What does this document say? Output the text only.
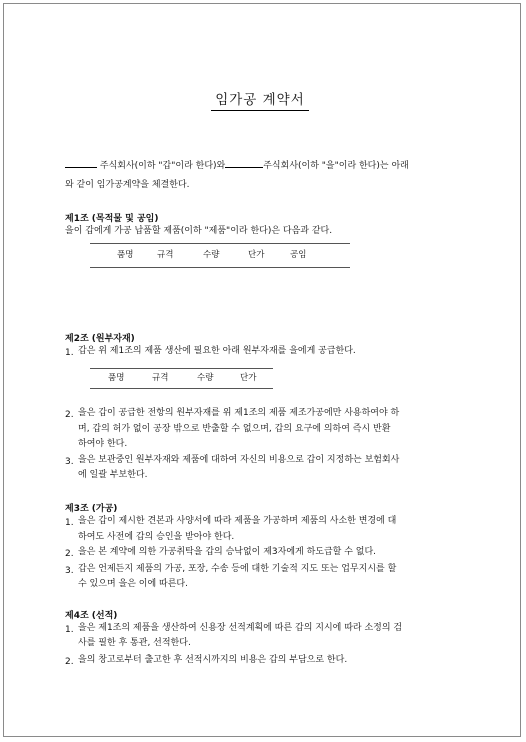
임가공 계약서
주식회사(이하 "갑"이라 한다)와	주식회사(이하 "을"이라 한다)는 아래
와 같이 임가공계약을 체결한다.
제1조 (목적물 및 공임)
을이 갑에게 가공 납품할 제품(이하 "제품"이라 한다)은 다음과 같다.
품명	규격	수량	단가	공임
제2조 (원부자재)
1. 갑은 위 제1조의 제품 생산에 필요한 아래 원부자재를 을에게 공급한다.
품명	규격	수량	단가
2. 을은 갑이 공급한 전항의 원부자재를 위 제1조의 제품 제조가공에만 사용하여야 하
며, 갑의 허가 없이 공장 밖으로 반출할 수 없으며, 갑의 요구에 의하여 즉시 반환
하여야 한다.
3. 을은 보관중인 원부자재와 제품에 대하여 자신의 비용으로 갑이 지정하는 보험회사
에 일괄 부보한다.
제3조 (가공)
1. 을은 갑이 제시한 견본과 사양서에 따라 제품을 가공하며 제품의 사소한 변경에 대
하여도 사전에 갑의 승인을 받아야 한다.
2. 을은 본 계약에 의한 가공취탁을 갑의 승낙없이 제3자에게 하도급할 수 없다.
3. 갑은 언제든지 제품의 가공, 포장, 수송 등에 대한 기술적 지도 또는 업무지시를 할
수 있으며 을은 이에 따른다.
제4조 (선적)
1. 을은 제1조의 제품을 생산하여 신용장 선적계획에 따른 갑의 지시에 따라 소정의 검
사를 필한 후 통관, 선적한다.
2. 을의 창고로부터 출고한 후 선적시까지의 비용은 갑의 부담으로 한다.
